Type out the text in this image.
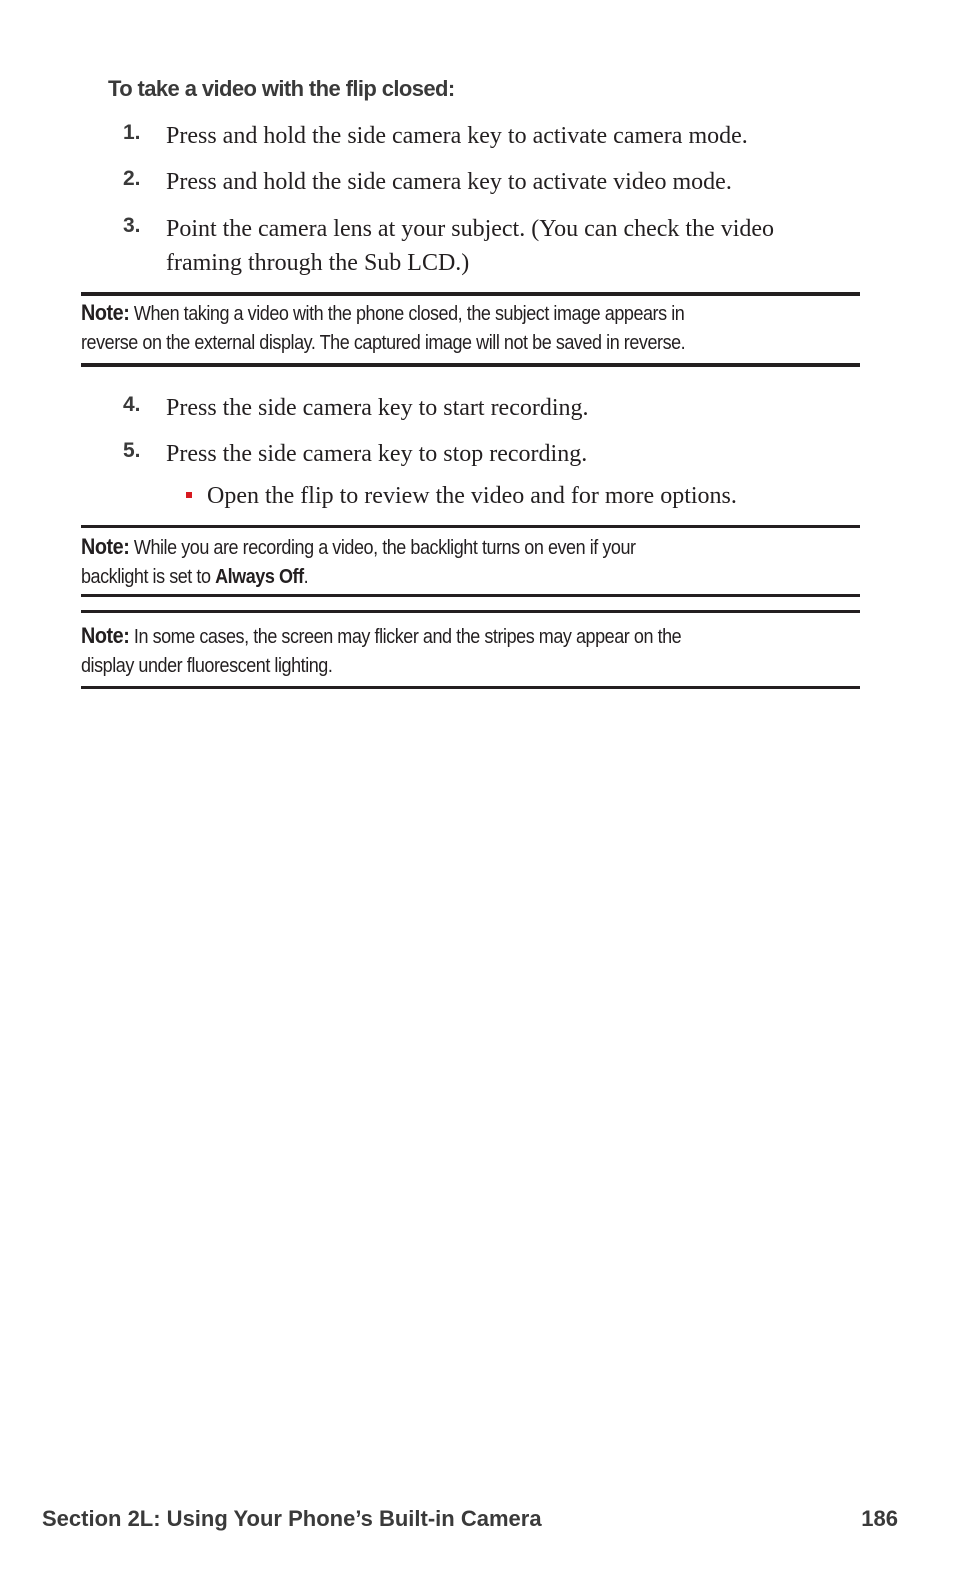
To take a video with the flip closed:
1. Press and hold the side camera key to activate camera mode.
2. Press and hold the side camera key to activate video mode.
3. Point the camera lens at your subject. (You can check the video
framing through the Sub LCD.)
Note: When taking a video with the phone closed, the subject image appears in
reverse on the external display. The captured image will not be saved in reverse.
4. Press the side camera key to start recording.
5. Press the side camera key to stop recording.
Open the flip to review the video and for more options.
Note: While you are recording a video, the backlight turns on even if your
backlight is set to Always Off.
Note: In some cases, the screen may flicker and the stripes may appear on the
display under fluorescent lighting.
Section 2L: Using Your Phone’s Built-in Camera	186
